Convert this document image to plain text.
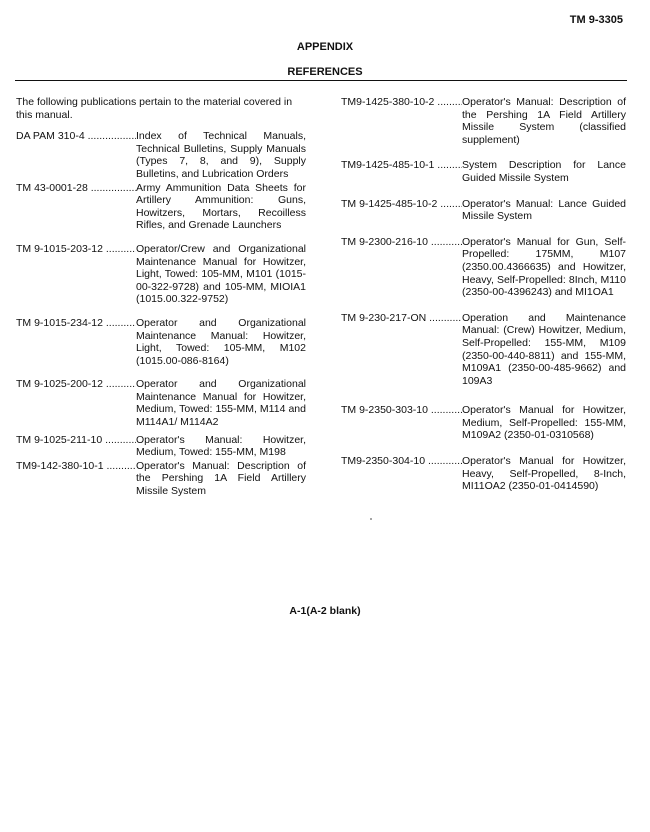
TM 9-3305
APPENDIX
REFERENCES

The following publications pertain to the material covered in this manual.

DA PAM 310-4 .....	Index of Technical Manuals, Technical Bulletins, Supply Manuals (Types 7, 8, and 9), Supply Bulletins, and Lubrication Orders
TM 43-0001-28 .....	Army Ammunition Data Sheets for Artillery Ammunition: Guns, Howitzers, Mortars, Recoilless Rifles, and Grenade Launchers
TM 9-1015-203-12 .....	Operator/Crew and Organizational Maintenance Manual for Howitzer, Light, Towed: 105-MM, M101 (1015-00-322-9728) and 105-MM, MIOIA1 (1015.00.322-9752)
TM 9-1015-234-12 .....	Operator and Organizational Maintenance Manual: Howitzer, Light, Towed: 105-MM, M102 (1015.00-086-8164)
TM 9-1025-200-12 .....	Operator and Organizational Maintenance Manual for Howitzer, Medium, Towed: 155-MM, M114 and M114A1/ M114A2
TM 9-1025-211-10 .....	Operator's Manual: Howitzer, Medium, Towed: 155-MM, M198
TM9-142-380-10-1 .....	Operator's Manual: Description of the Pershing 1A Field Artillery Missile System
TM9-1425-380-10-2 .....	Operator's Manual: Description of the Pershing 1A Field Artillery Missile System (classified supplement)
TM9-1425-485-10-1 .....	System Description for Lance Guided Missile System
TM 9-1425-485-10-2 .....	Operator's Manual: Lance Guided Missile System
TM 9-2300-216-10 .....	Operator's Manual for Gun, Self-Propelled: 175MM, M107 (2350.00.4366635) and Howitzer, Heavy, Self-Propelled: 8Inch, M110 (2350-00-4396243) and MI1OA1
TM 9-230-217-ON .....	Operation and Maintenance Manual: (Crew) Howitzer, Medium, Self-Propelled: 155-MM, M109 (2350-00-440-8811) and 155-MM, M109A1 (2350-00-485-9662) and 109A3
TM 9-2350-303-10 .....	Operator's Manual for Howitzer, Medium, Self-Propelled: 155-MM, M109A2 (2350-01-0310568)
TM9-2350-304-10 .....	Operator's Manual for Howitzer, Heavy, Self-Propelled, 8-Inch, MI11OA2 (2350-01-0414590)
A-1(A-2 blank)
